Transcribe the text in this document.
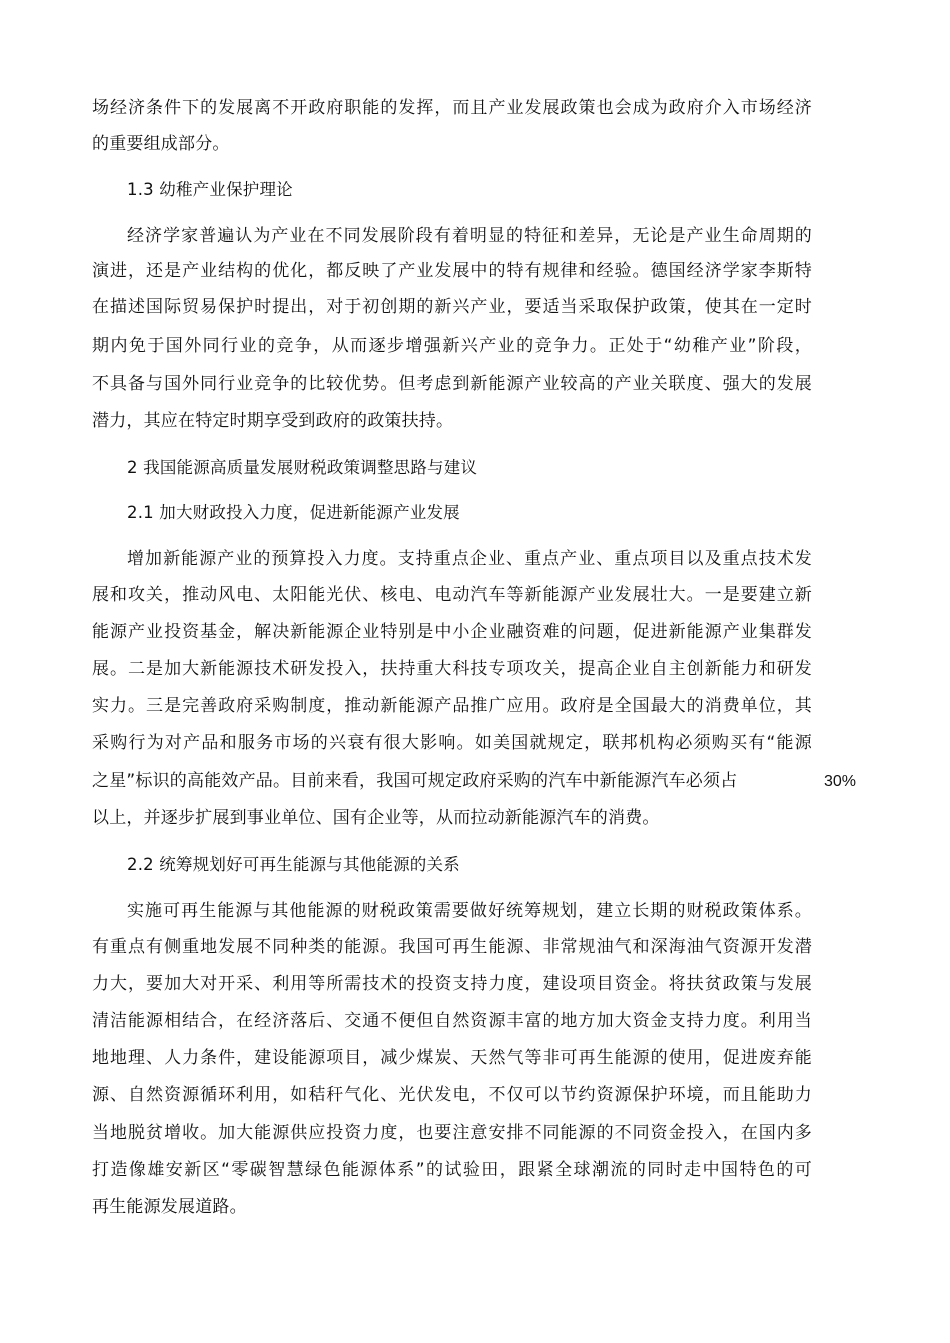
场经济条件下的发展离不开政府职能的发挥，而且产业发展政策也会成为政府介入市场经济
的重要组成部分。
1.3 幼稚产业保护理论
经济学家普遍认为产业在不同发展阶段有着明显的特征和差异，无论是产业生命周期的
演进，还是产业结构的优化，都反映了产业发展中的特有规律和经验。德国经济学家李斯特
在描述国际贸易保护时提出，对于初创期的新兴产业，要适当采取保护政策，使其在一定时
期内免于国外同行业的竞争，从而逐步增强新兴产业的竞争力。正处于“幼稚产业”阶段，
不具备与国外同行业竞争的比较优势。但考虑到新能源产业较高的产业关联度、强大的发展
潜力，其应在特定时期享受到政府的政策扶持。
2 我国能源高质量发展财税政策调整思路与建议
2.1 加大财政投入力度，促进新能源产业发展
增加新能源产业的预算投入力度。支持重点企业、重点产业、重点项目以及重点技术发
展和攻关，推动风电、太阳能光伏、核电、电动汽车等新能源产业发展壮大。一是要建立新
能源产业投资基金，解决新能源企业特别是中小企业融资难的问题，促进新能源产业集群发
展。二是加大新能源技术研发投入，扶持重大科技专项攻关，提高企业自主创新能力和研发
实力。三是完善政府采购制度，推动新能源产品推广应用。政府是全国最大的消费单位，其
采购行为对产品和服务市场的兴衰有很大影响。如美国就规定，联邦机构必须购买有“能源
之星”标识的高能效产品。目前来看，我国可规定政府采购的汽车中新能源汽车必须占	30%
以上，并逐步扩展到事业单位、国有企业等，从而拉动新能源汽车的消费。
2.2 统筹规划好可再生能源与其他能源的关系
实施可再生能源与其他能源的财税政策需要做好统筹规划，建立长期的财税政策体系。
有重点有侧重地发展不同种类的能源。我国可再生能源、非常规油气和深海油气资源开发潜
力大，要加大对开采、利用等所需技术的投资支持力度，建设项目资金。将扶贫政策与发展
清洁能源相结合，在经济落后、交通不便但自然资源丰富的地方加大资金支持力度。利用当
地地理、人力条件，建设能源项目，减少煤炭、天然气等非可再生能源的使用，促进废弃能
源、自然资源循环利用，如秸秆气化、光伏发电，不仅可以节约资源保护环境，而且能助力
当地脱贫增收。加大能源供应投资力度，也要注意安排不同能源的不同资金投入，在国内多
打造像雄安新区“零碳智慧绿色能源体系”的试验田，跟紧全球潮流的同时走中国特色的可
再生能源发展道路。
